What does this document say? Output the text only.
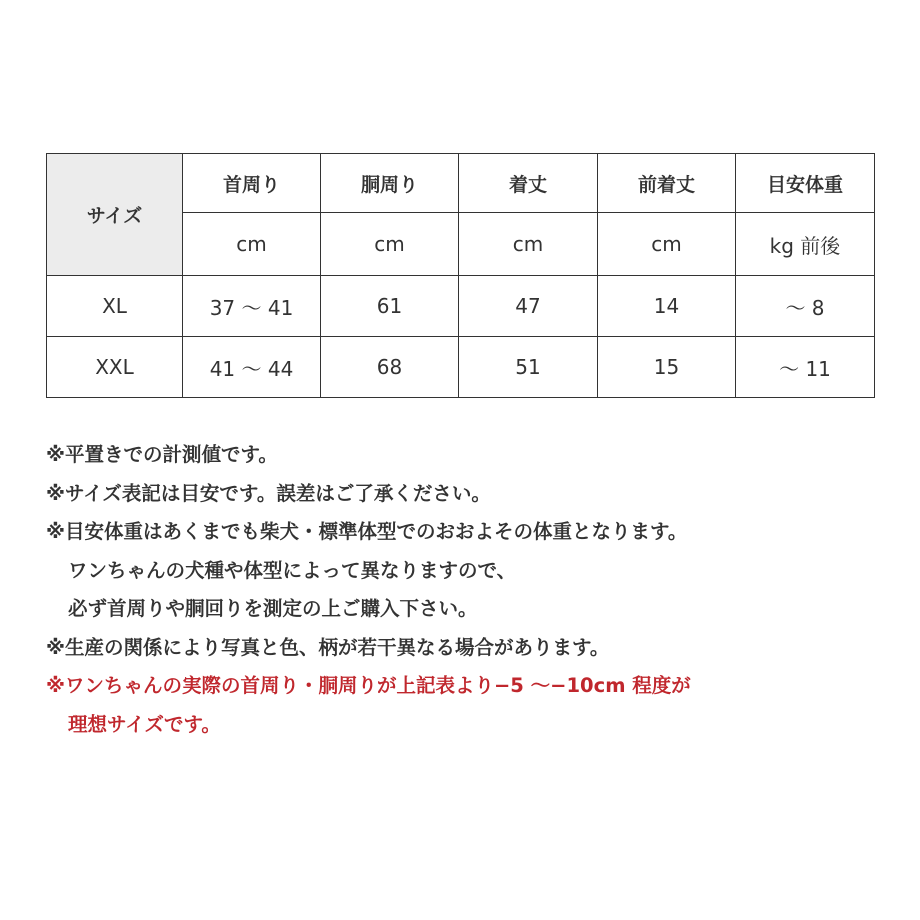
サイズ	首周り	胴周り	着丈	前着丈	目安体重
	cm	cm	cm	cm	kg 前後
XL	37 〜 41	61	47	14	〜 8
XXL	41 〜 44	68	51	15	〜 11
※平置きでの計測値です。
※サイズ表記は目安です。誤差はご了承ください。
※目安体重はあくまでも柴犬・標準体型でのおおよその体重となります。
ワンちゃんの犬種や体型によって異なりますので、
必ず首周りや胴回りを測定の上ご購入下さい。
※生産の関係により写真と色、柄が若干異なる場合があります。
※ワンちゃんの実際の首周り・胴周りが上記表より−5 〜−10cm 程度が
理想サイズです。
